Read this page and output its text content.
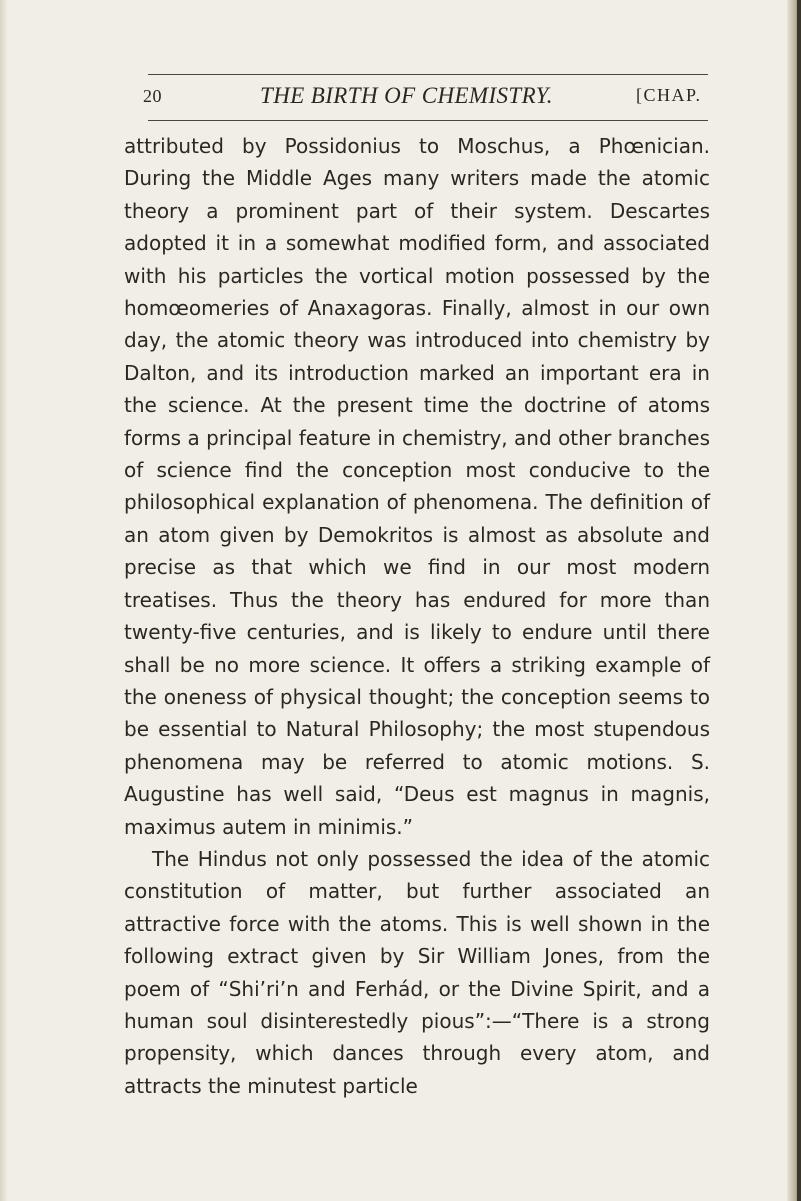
20	THE BIRTH OF CHEMISTRY.	[CHAP.

attributed by Possidonius to Moschus, a Phœnician. During the Middle Ages many writers made the atomic theory a prominent part of their system. Descartes adopted it in a somewhat modified form, and associated with his particles the vortical motion possessed by the homœomeries of Anaxagoras. Finally, almost in our own day, the atomic theory was introduced into chemistry by Dalton, and its introduction marked an important era in the science. At the present time the doctrine of atoms forms a principal feature in chemistry, and other branches of science find the conception most conducive to the philosophical explanation of phenomena. The definition of an atom given by Demokritos is almost as absolute and precise as that which we find in our most modern treatises. Thus the theory has endured for more than twenty-five centuries, and is likely to endure until there shall be no more science. It offers a striking example of the oneness of physical thought; the conception seems to be essential to Natural Philosophy; the most stupendous phenomena may be referred to atomic motions. S. Augustine has well said, “Deus est magnus in magnis, maximus autem in minimis.”

The Hindus not only possessed the idea of the atomic constitution of matter, but further associated an attractive force with the atoms. This is well shown in the following extract given by Sir William Jones, from the poem of “Shi’ri’n and Ferhád, or the Divine Spirit, and a human soul disinterestedly pious”:—“There is a strong propensity, which dances through every atom, and attracts the minutest particle
